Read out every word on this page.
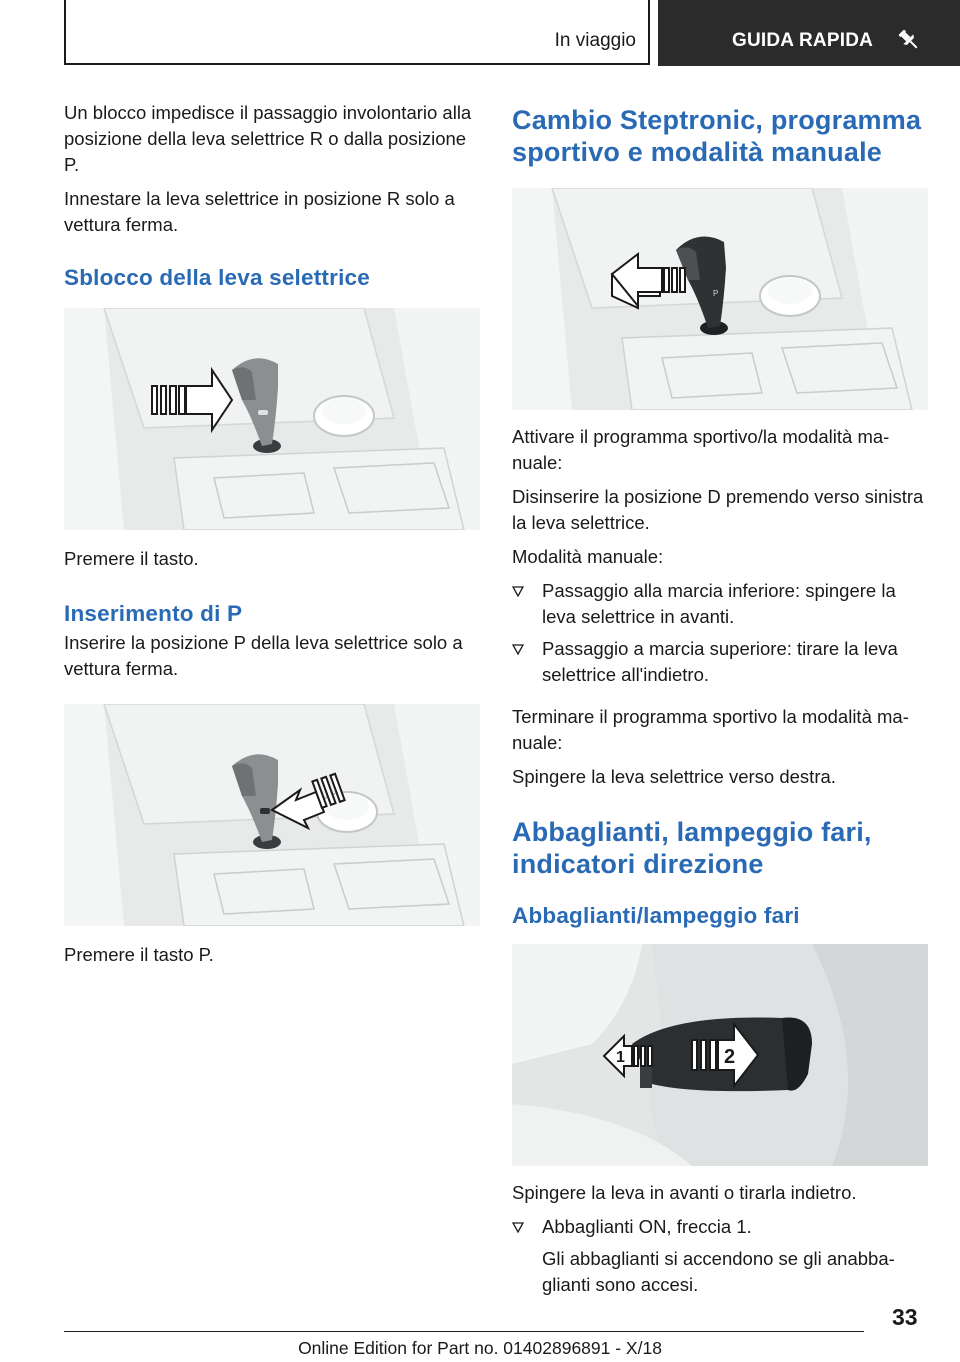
In viaggio	GUIDA RAPIDA

Un blocco impedisce il passaggio involontario alla posizione della leva selettrice R o dalla posizione P.

Innestare la leva selettrice in posizione R solo a vettura ferma.

Sblocco della leva selettrice

Premere il tasto.

Inserimento di P

Inserire la posizione P della leva selettrice solo a vettura ferma.

Premere il tasto P.

Cambio Steptronic, programma sportivo e modalità manuale
P

Attivare il programma sportivo/la modalità manuale:

Disinserire la posizione D premendo verso sinistra la leva selettrice.

Modalità manuale:

Passaggio alla marcia inferiore: spingere la leva selettrice in avanti.
Passaggio a marcia superiore: tirare la leva selettrice all'indietro.

Terminare il programma sportivo la modalità manuale:

Spingere la leva selettrice verso destra.

Abbaglianti, lampeggio fari, indicatori direzione
Abbaglianti/lampeggio fari
1	2

Spingere la leva in avanti o tirarla indietro.

Abbaglianti ON, freccia 1.
Gli abbaglianti si accendono se gli anabbaglianti sono accesi.
33
Online Edition for Part no. 01402896891 - X/18
